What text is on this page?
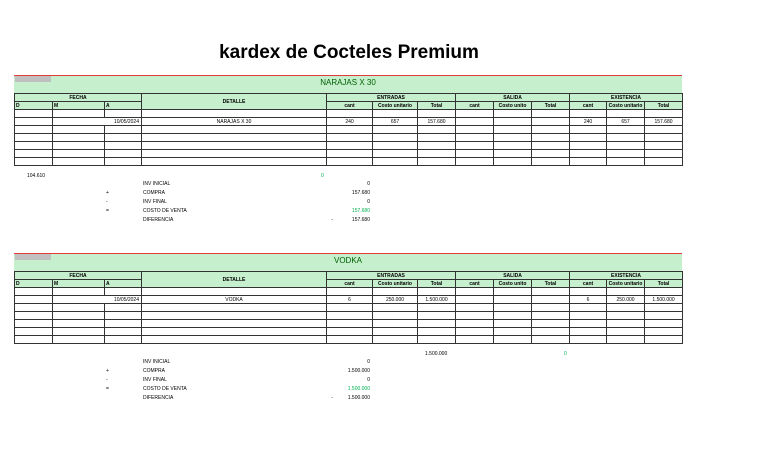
kardex de Cocteles Premium
NARAJAS X 30
FECHA			DETALLE	ENTRADAS			SALIDA			EXISTENCIA		
D	M	A		cant	Costo unitario	Total	cant	Costo unito	Total	cant	Costo unitario	Total

	10/05/2024		NARAJAS X 30	240	657	157.680				240	657	157.680

104.610	0
INV INICIAL	0
+	COMPRA	157.680
-	INV FINAL	0
=	COSTO DE VENTA	157.680
DIFERENCIA	-	157.680
VODKA
FECHA			DETALLE	ENTRADAS			SALIDA			EXISTENCIA		
D	M	A		cant	Costo unitario	Total	cant	Costo unito	Total	cant	Costo unitario	Total

	10/05/2024		VODKA	6	250.000	1.500.000				6	250.000	1.500.000

1.500.000	0
INV INICIAL	0
+	COMPRA	1.500.000
-	INV FINAL	0
=	COSTO DE VENTA	1.500.000
DIFERENCIA	-	1.500.000
